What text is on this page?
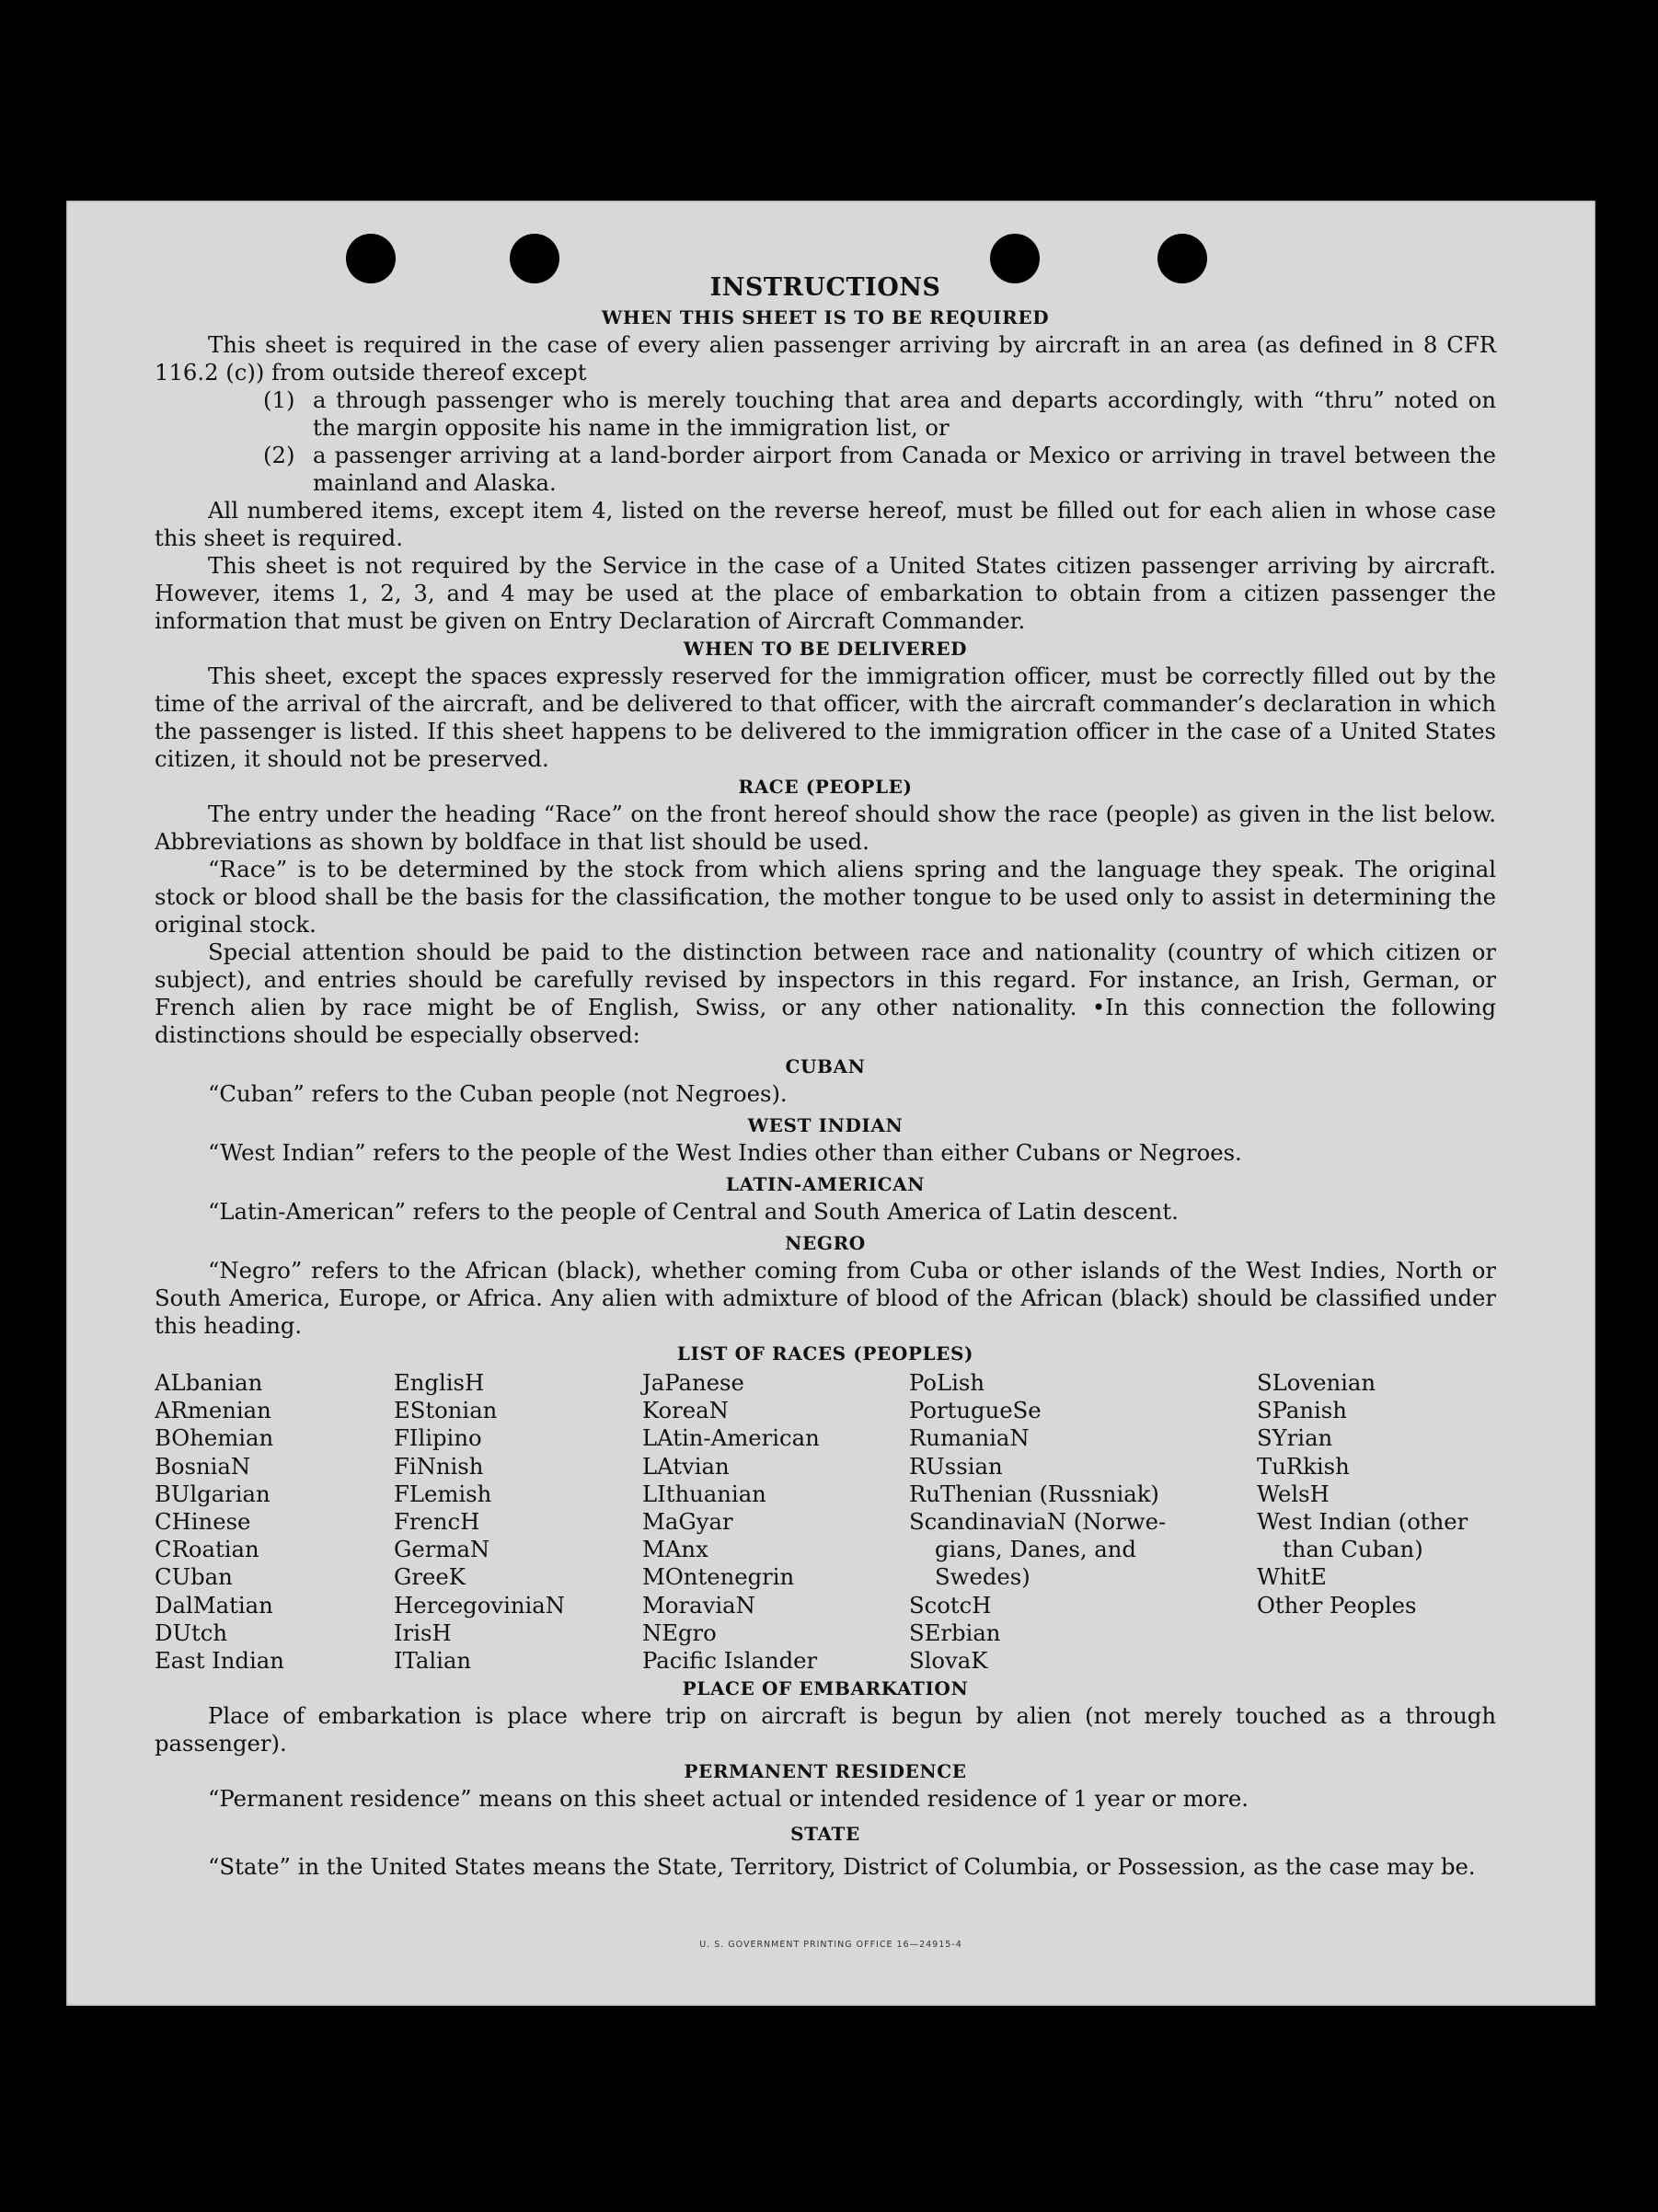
INSTRUCTIONS
WHEN THIS SHEET IS TO BE REQUIRED

This sheet is required in the case of every alien passenger arriving by aircraft in an area (as defined in 8 CFR 116.2 (c)) from outside thereof except

(1) a through passenger who is merely touching that area and departs accordingly, with “thru” noted on the margin opposite his name in the immigration list, or
(2) a passenger arriving at a land-border airport from Canada or Mexico or arriving in travel between the mainland and Alaska.

All numbered items, except item 4, listed on the reverse hereof, must be filled out for each alien in whose case this sheet is required.

This sheet is not required by the Service in the case of a United States citizen passenger arriving by aircraft. However, items 1, 2, 3, and 4 may be used at the place of embarkation to obtain from a citizen passenger the information that must be given on Entry Declaration of Aircraft Commander.

WHEN TO BE DELIVERED

This sheet, except the spaces expressly reserved for the immigration officer, must be correctly filled out by the time of the arrival of the aircraft, and be delivered to that officer, with the aircraft commander’s declaration in which the passenger is listed. If this sheet happens to be delivered to the immigration officer in the case of a United States citizen, it should not be preserved.

RACE (PEOPLE)

The entry under the heading “Race” on the front hereof should show the race (people) as given in the list below. Abbreviations as shown by boldface in that list should be used.

“Race” is to be determined by the stock from which aliens spring and the language they speak. The original stock or blood shall be the basis for the classification, the mother tongue to be used only to assist in determining the original stock.

Special attention should be paid to the distinction between race and nationality (country of which citizen or subject), and entries should be carefully revised by inspectors in this regard. For instance, an Irish, German, or French alien by race might be of English, Swiss, or any other nationality. •In this connection the following distinctions should be especially observed:

CUBAN

“Cuban” refers to the Cuban people (not Negroes).

WEST INDIAN

“West Indian” refers to the people of the West Indies other than either Cubans or Negroes.

LATIN-AMERICAN

“Latin-American” refers to the people of Central and South America of Latin descent.

NEGRO

“Negro” refers to the African (black), whether coming from Cuba or other islands of the West Indies, North or South America, Europe, or Africa. Any alien with admixture of blood of the African (black) should be classified under this heading.

LIST OF RACES (PEOPLES)
ALbanian
ARmenian
BOhemian
BosniaN
BUlgarian
CHinese
CRoatian
CUban
DalMatian
DUtch
East Indian
EnglisH
EStonian
FIlipino
FiNnish
FLemish
FrencH
GermaN
GreeK
HercegoviniaN
IrisH
ITalian
JaPanese
KoreaN
LAtin-American
LAtvian
LIthuanian
MaGyar
MAnx
MOntenegrin
MoraviaN
NEgro
Pacific Islander
PoLish
PortugueSe
RumaniaN
RUssian
RuThenian (Russniak)
ScandinaviaN (Norwe-
gians, Danes, and
Swedes)
ScotcH
SErbian
SlovaK
SLovenian
SPanish
SYrian
TuRkish
WelsH
West Indian (other
than Cuban)
WhitE
Other Peoples
PLACE OF EMBARKATION

Place of embarkation is place where trip on aircraft is begun by alien (not merely touched as a through passenger).

PERMANENT RESIDENCE

“Permanent residence” means on this sheet actual or intended residence of 1 year or more.

STATE

“State” in the United States means the State, Territory, District of Columbia, or Possession, as the case may be.

U. S. GOVERNMENT PRINTING OFFICE 16—24915-4
